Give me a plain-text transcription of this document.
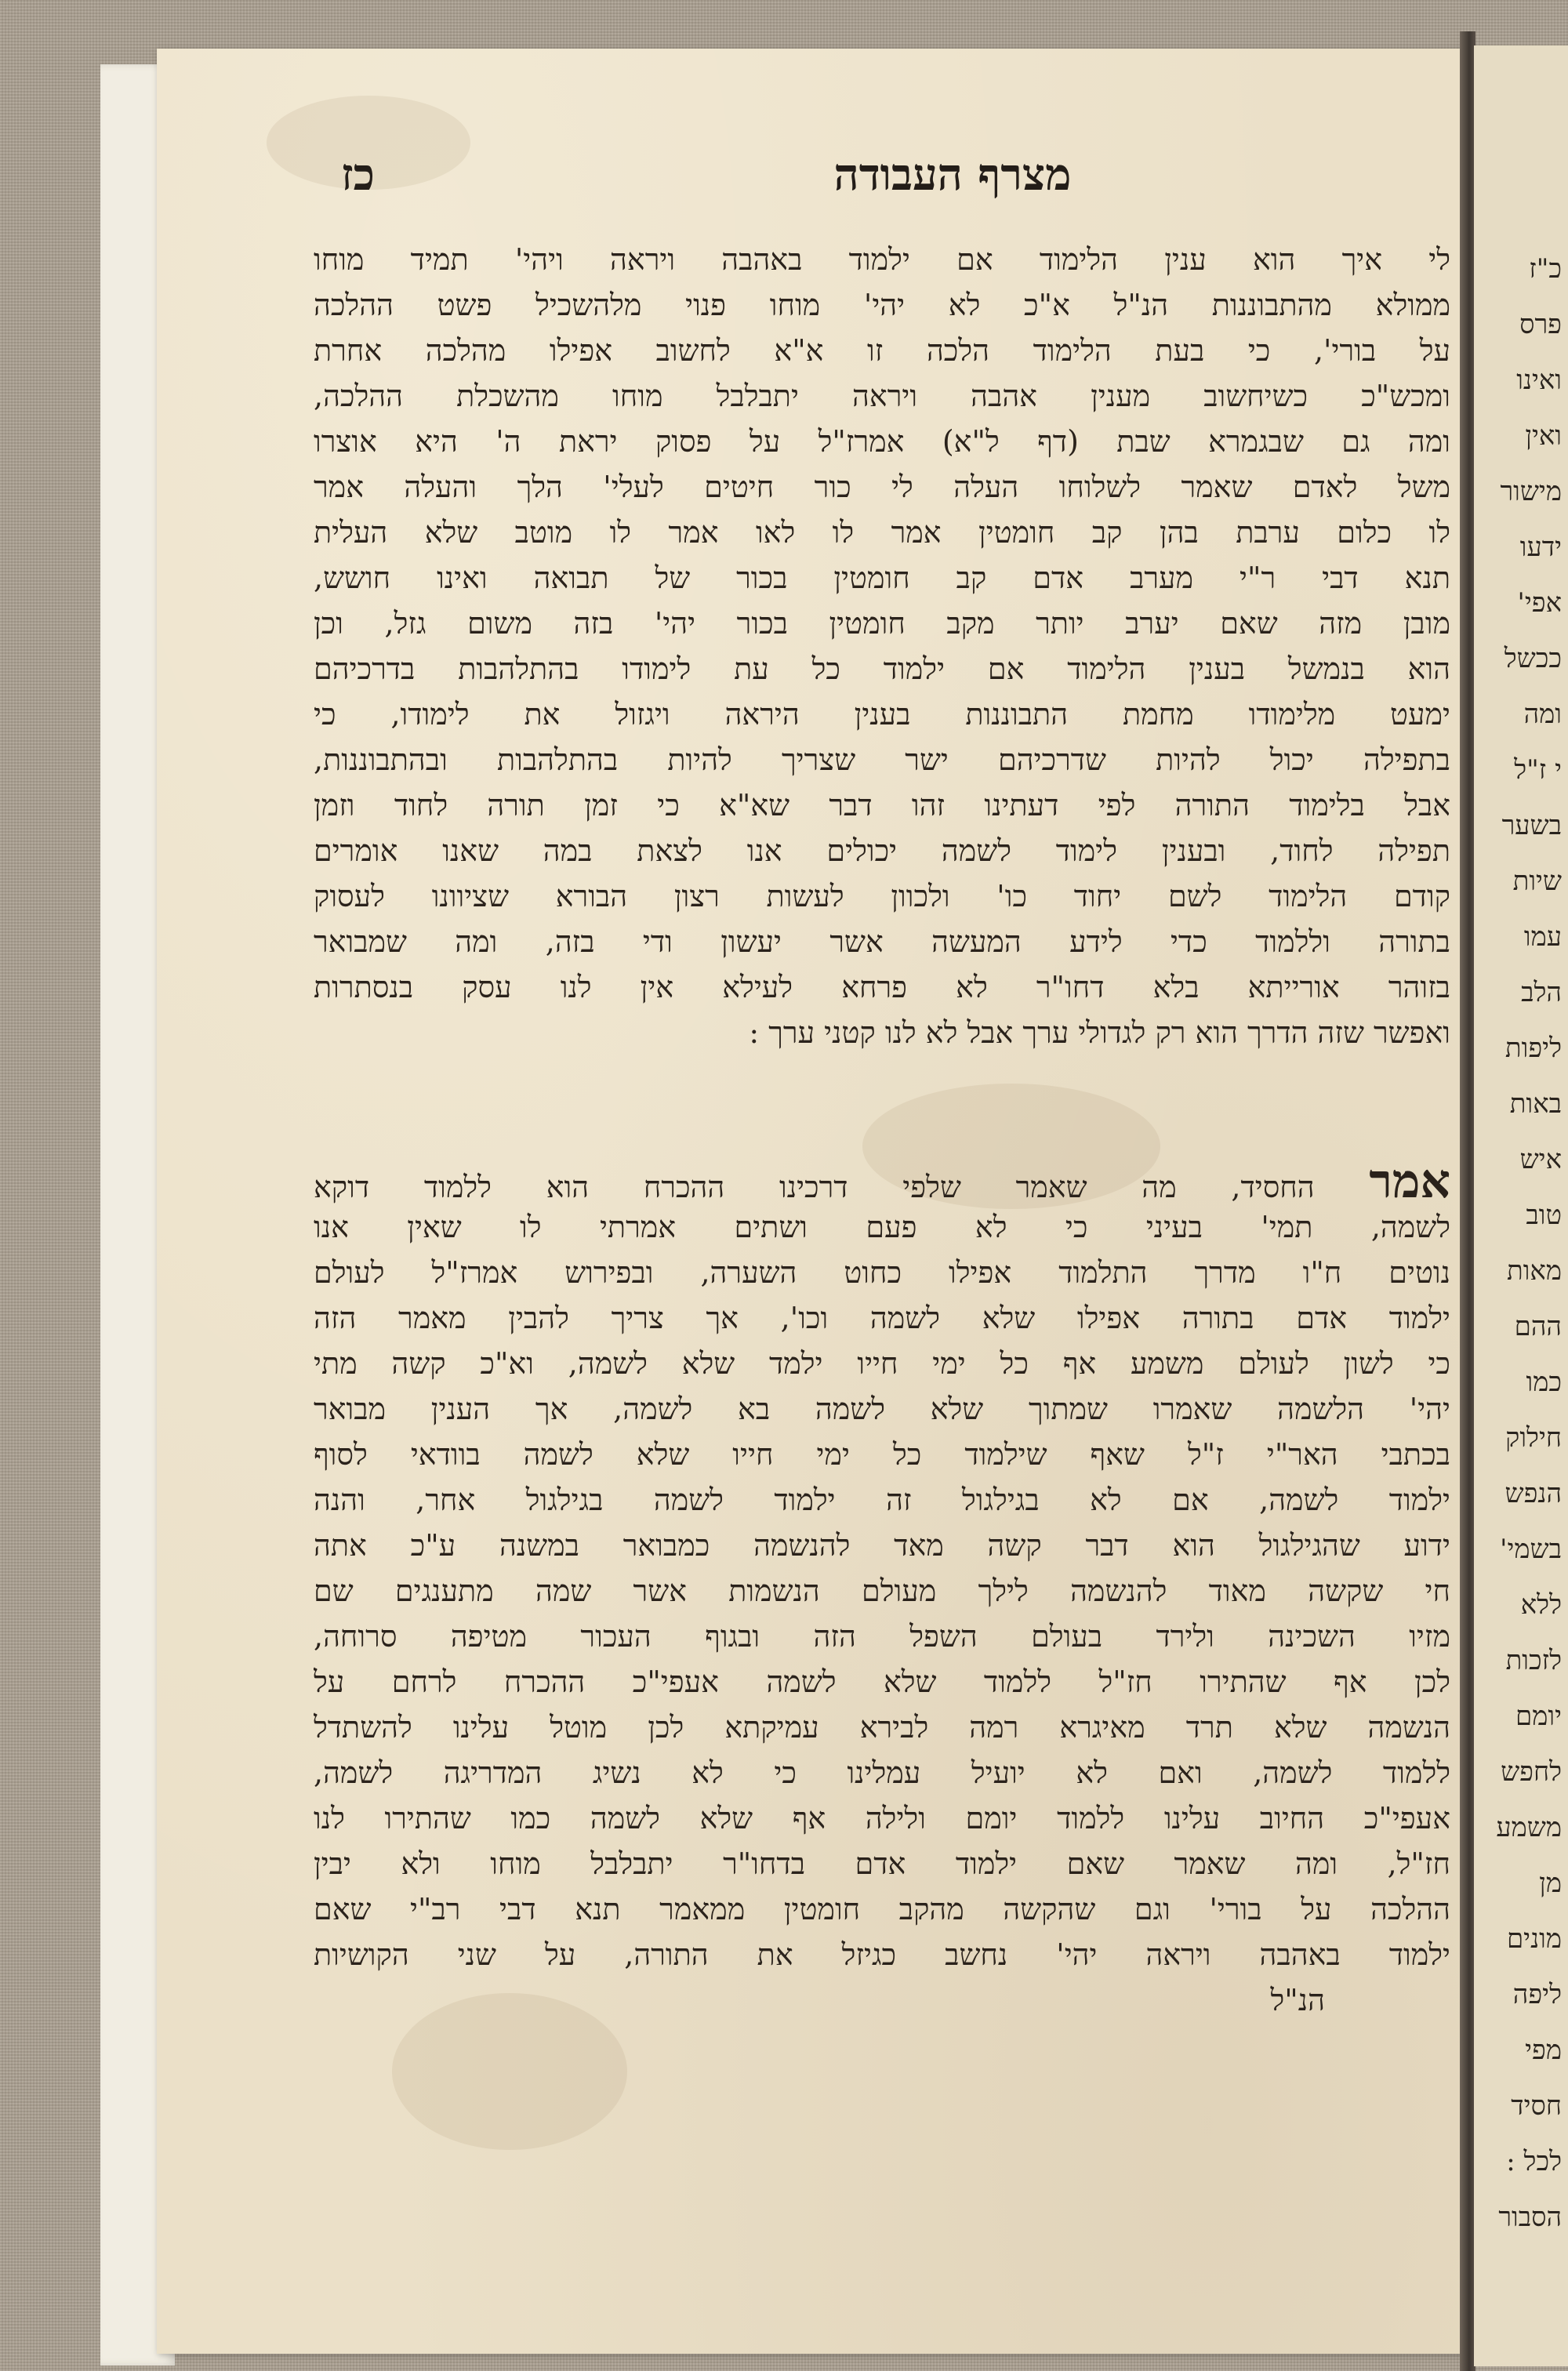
כ"ז
פרס
ואינו
ואין
מישור
ידעו
אפי'
ככשל
ומה
י ז"ל
בשער
שיות
עמו
הלב
ליפות
באות
איש
טוב
מאות
ההם
כמו
חילוק
הנפש
בשמי'
ללא
לזכות
יומם
לחפש
משמע
מן
מונים
ליפה
מפי
חסיד
לכל :
הסבור
מצרף העבודה
כז
לי איך הוא ענין הלימוד אם ילמוד באהבה ויראה ויהי' תמיד מוחו
ממולא מהתבוננות הנ"ל א"כ לא יהי' מוחו פנוי מלהשכיל פשט ההלכה
על בורי', כי בעת הלימוד הלכה זו א"א לחשוב אפילו מהלכה אחרת
ומכש"כ כשיחשוב מענין אהבה ויראה יתבלבל מוחו מהשכלת ההלכה,
ומה גם שבגמרא שבת (דף ל"א) אמרז"ל על פסוק יראת ה' היא אוצרו
משל לאדם שאמר לשלוחו העלה לי כור חיטים לעלי' הלך והעלה אמר
לו כלום ערבת בהן קב חומטין אמר לו לאו אמר לו מוטב שלא העלית
תנא דבי ר"י מערב אדם קב חומטין בכור של תבואה ואינו חושש,
מובן מזה שאם יערב יותר מקב חומטין בכור יהי' בזה משום גזל, וכן
הוא בנמשל בענין הלימוד אם ילמוד כל עת לימודו בהתלהבות בדרכיהם
ימעט מלימודו מחמת התבוננות בענין היראה ויגזול את לימודו, כי
בתפילה יכול להיות שדרכיהם ישר שצריך להיות בהתלהבות ובהתבוננות,
אבל בלימוד התורה לפי דעתינו זהו דבר שא"א כי זמן תורה לחוד וזמן
תפילה לחוד, ובענין לימוד לשמה יכולים אנו לצאת במה שאנו אומרים
קודם הלימוד לשם יחוד כו' ולכוון לעשות רצון הבורא שציוונו לעסוק
בתורה וללמוד כדי לידע המעשה אשר יעשון ודי בזה, ומה שמבואר
בזוהר אורייתא בלא דחו"ר לא פרחא לעילא אין לנו עסק בנסתרות
ואפשר שזה הדרך הוא רק לגדולי ערך אבל לא לנו קטני ערך :
אמר החסיד, מה שאמר שלפי דרכינו ההכרח הוא ללמוד דוקא
לשמה, תמי' בעיני כי לא פעם ושתים אמרתי לו שאין אנו
נוטים ח"ו מדרך התלמוד אפילו כחוט השערה, ובפירוש אמרז"ל לעולם
ילמוד אדם בתורה אפילו שלא לשמה וכו', אך צריך להבין מאמר הזה
כי לשון לעולם משמע אף כל ימי חייו ילמד שלא לשמה, וא"כ קשה מתי
יהי' הלשמה שאמרו שמתוך שלא לשמה בא לשמה, אך הענין מבואר
בכתבי האר"י ז"ל שאף שילמוד כל ימי חייו שלא לשמה בוודאי לסוף
ילמוד לשמה, אם לא בגילגול זה ילמוד לשמה בגילגול אחר, והנה
ידוע שהגילגול הוא דבר קשה מאד להנשמה כמבואר במשנה ע"כ אתה
חי שקשה מאוד להנשמה לילך מעולם הנשמות אשר שמה מתענגים שם
מזיו השכינה ולירד בעולם השפל הזה ובגוף העכור מטיפה סרוחה,
לכן אף שהתירו חז"ל ללמוד שלא לשמה אעפי"כ ההכרח לרחם על
הנשמה שלא תרד מאיגרא רמה לבירא עמיקתא לכן מוטל עלינו להשתדל
ללמוד לשמה, ואם לא יועיל עמלינו כי לא נשיג המדריגה לשמה,
אעפי"כ החיוב עלינו ללמוד יומם ולילה אף שלא לשמה כמו שהתירו לנו
חז"ל, ומה שאמר שאם ילמוד אדם בדחו"ר יתבלבל מוחו ולא יבין
ההלכה על בורי' וגם שהקשה מהקב חומטין ממאמר תנא דבי רב"י שאם
ילמוד באהבה ויראה יהי' נחשב כגיזל את התורה, על שני הקושיות
הנ"ל
